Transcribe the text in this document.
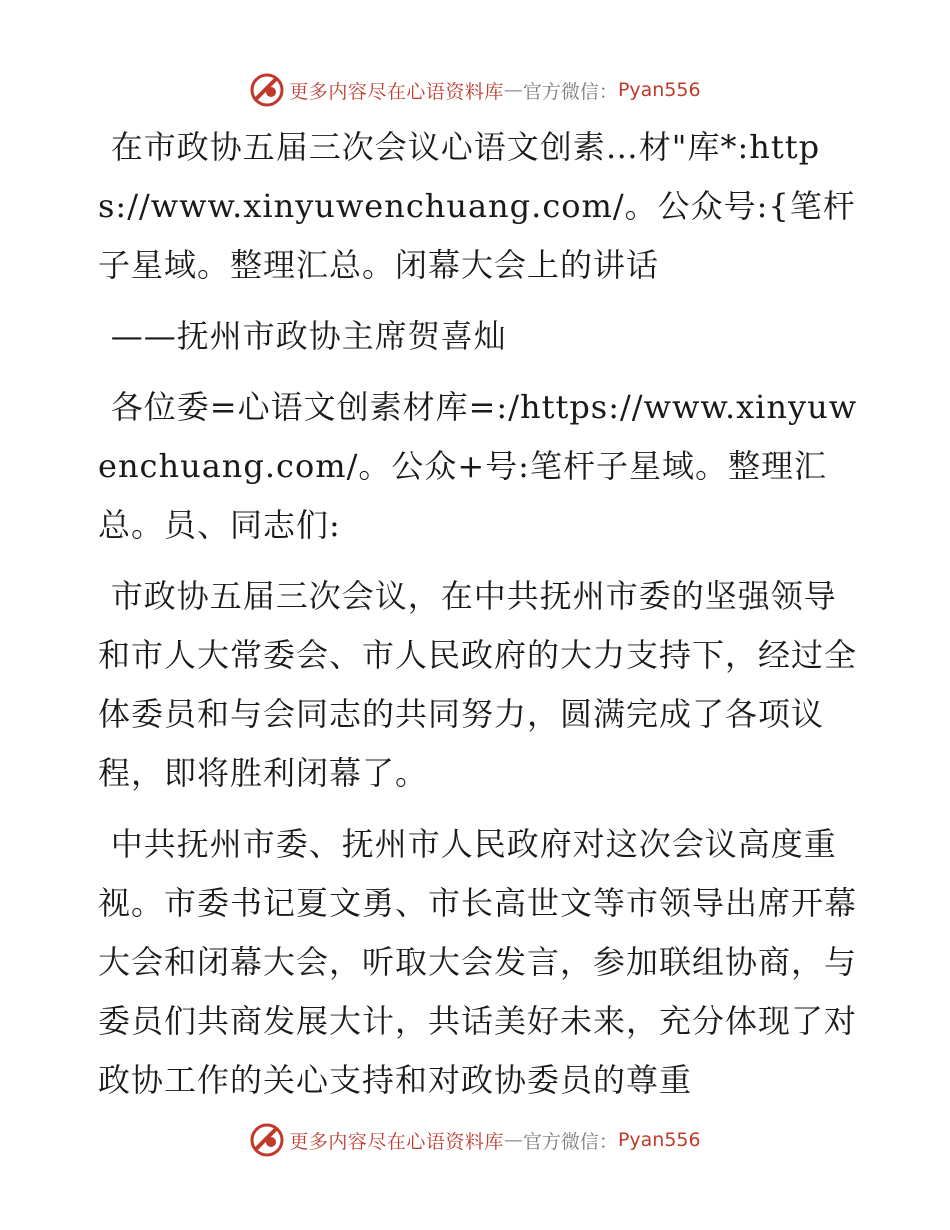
更多内容尽在心语资料库 — 官方微信： Pyan556

在市政协五届三次会议心语文创素…材"库*:https://www.xinyuwenchuang.com/。公众号:{笔杆子星域。整理汇总。闭幕大会上的讲话

——抚州市政协主席贺喜灿

各位委=心语文创素材库=:/https://www.xinyuwenchuang.com/。公众+号:笔杆子星域。整理汇总。员、同志们:

市政协五届三次会议，在中共抚州市委的坚强领导和市人大常委会、市人民政府的大力支持下，经过全体委员和与会同志的共同努力，圆满完成了各项议程，即将胜利闭幕了。

中共抚州市委、抚州市人民政府对这次会议高度重视。市委书记夏文勇、市长高世文等市领导出席开幕大会和闭幕大会，听取大会发言，参加联组协商，与委员们共商发展大计，共话美好未来，充分体现了对政协工作的关心支持和对政协委员的尊重

更多内容尽在心语资料库 — 官方微信： Pyan556
